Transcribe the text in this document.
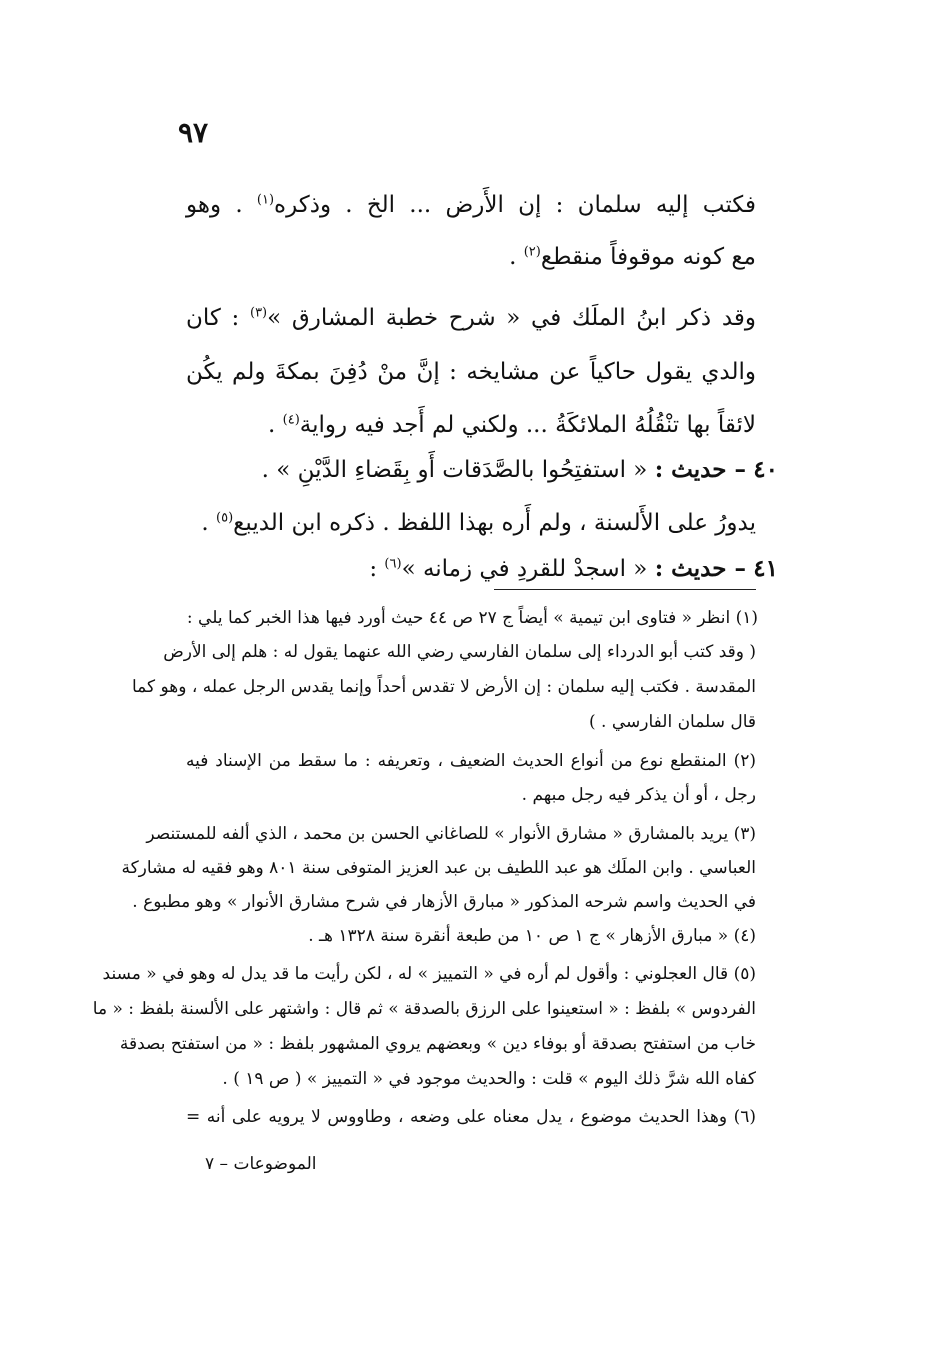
٩٧
فكتب إليه سلمان : إن الأَرض ... الخ . وذكره$^{(١)}$ . وهو
مع كونه موقوفاً منقطع$^{(٢)}$ .
وقد ذكر ابنُ الملَك في « شرح خطبة المشارق »$^{(٣)}$ : كان
والدي يقول حاكياً عن مشايخه : إنَّ منْ دُفِنَ بمكةَ ولم يكُن
لائقاً بها تنْقُلُهُ الملائكَةُ ... ولكني لم أَجد فيه رواية$^{(٤)}$ .
٤٠ – حديث : « استفتِحُوا بالصَّدَقات أَو بِقَضاءِ الدَّيْنِ » .
يدورُ على الأَلسنة ، ولم أَره بهذا اللفظ . ذكره ابن الديبع$^{(٥)}$ .
٤١ – حديث : « اسجدْ للقردِ في زمانه »$^{(٦)}$ :
(١) انظر « فتاوى ابن تيمية » أيضاً ج ٢٧ ص ٤٤ حيث أورد فيها هذا الخبر كما يلي :
( وقد كتب أبو الدرداء إلى سلمان الفارسي رضي الله عنهما يقول له : هلم إلى الأرض
المقدسة . فكتب إليه سلمان : إن الأرض لا تقدس أحداً وإنما يقدس الرجل عمله ، وهو كما
قال سلمان الفارسي . )
(٢) المنقطع نوع من أنواع الحديث الضعيف ، وتعريفه : ما سقط من الإسناد فيه
رجل ، أو أن يذكر فيه رجل مبهم .
(٣) يريد بالمشارق « مشارق الأنوار » للصاغاني الحسن بن محمد ، الذي ألفه للمستنصر
العباسي . وابن الملَك هو عبد اللطيف بن عبد العزيز المتوفى سنة ٨٠١ وهو فقيه له مشاركة
في الحديث واسم شرحه المذكور « مبارق الأزهار في شرح مشارق الأنوار » وهو مطبوع .
(٤) « مبارق الأزهار » ج ١ ص ١٠ من طبعة أنقرة سنة ١٣٢٨ هـ .
(٥) قال العجلوني : وأقول لم أره في « التمييز » له ، لكن رأيت ما قد يدل له وهو في « مسند
الفردوس » بلفظ : « استعينوا على الرزق بالصدقة » ثم قال : واشتهر على الألسنة بلفظ : « ما
خاب من استفتح بصدقة أو بوفاء دين » وبعضهم يروي المشهور بلفظ : « من استفتح بصدقة
كفاه الله شرَّ ذلك اليوم » قلت : والحديث موجود في « التمييز » ( ص ١٩ ) .
(٦) وهذا الحديث موضوع ، يدل معناه على وضعه ، وطاووس لا يرويه على أنه =
الموضوعات – ٧
